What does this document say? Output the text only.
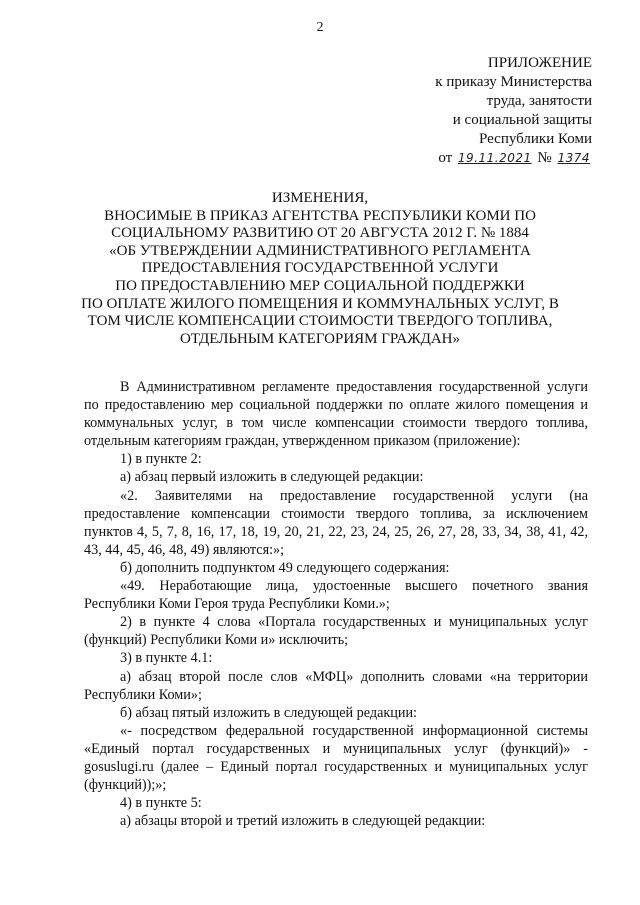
2
ПРИЛОЖЕНИЕ
к приказу Министерства
труда, занятости
и социальной защиты
Республики Коми
от 19.11.2021 № 1374
ИЗМЕНЕНИЯ,
ВНОСИМЫЕ В ПРИКАЗ АГЕНТСТВА РЕСПУБЛИКИ КОМИ ПО
СОЦИАЛЬНОМУ РАЗВИТИЮ ОТ 20 АВГУСТА 2012 Г. № 1884
«ОБ УТВЕРЖДЕНИИ АДМИНИСТРАТИВНОГО РЕГЛАМЕНТА
ПРЕДОСТАВЛЕНИЯ ГОСУДАРСТВЕННОЙ УСЛУГИ
ПО ПРЕДОСТАВЛЕНИЮ МЕР СОЦИАЛЬНОЙ ПОДДЕРЖКИ
ПО ОПЛАТЕ ЖИЛОГО ПОМЕЩЕНИЯ И КОММУНАЛЬНЫХ УСЛУГ, В
ТОМ ЧИСЛЕ КОМПЕНСАЦИИ СТОИМОСТИ ТВЕРДОГО ТОПЛИВА,
ОТДЕЛЬНЫМ КАТЕГОРИЯМ ГРАЖДАН»

В Административном регламенте предоставления государственной услуги по предоставлению мер социальной поддержки по оплате жилого помещения и коммунальных услуг, в том числе компенсации стоимости твердого топлива, отдельным категориям граждан, утвержденном приказом (приложение):

1) в пункте 2:

а) абзац первый изложить в следующей редакции:

«2. Заявителями на предоставление государственной услуги (на предоставление компенсации стоимости твердого топлива, за исключением пунктов 4, 5, 7, 8, 16, 17, 18, 19, 20, 21, 22, 23, 24, 25, 26, 27, 28, 33, 34, 38, 41, 42, 43, 44, 45, 46, 48, 49) являются:»;

б) дополнить подпунктом 49 следующего содержания:

«49. Неработающие лица, удостоенные высшего почетного звания Республики Коми Героя труда Республики Коми.»;

2) в пункте 4 слова «Портала государственных и муниципальных услуг (функций) Республики Коми и» исключить;

3) в пункте 4.1:

а) абзац второй после слов «МФЦ» дополнить словами «на территории Республики Коми»;

б) абзац пятый изложить в следующей редакции:

«- посредством федеральной государственной информационной системы «Единый портал государственных и муниципальных услуг (функций)» - gosuslugi.ru (далее – Единый портал государственных и муниципальных услуг (функций));»;

4) в пункте 5:

а) абзацы второй и третий изложить в следующей редакции:
